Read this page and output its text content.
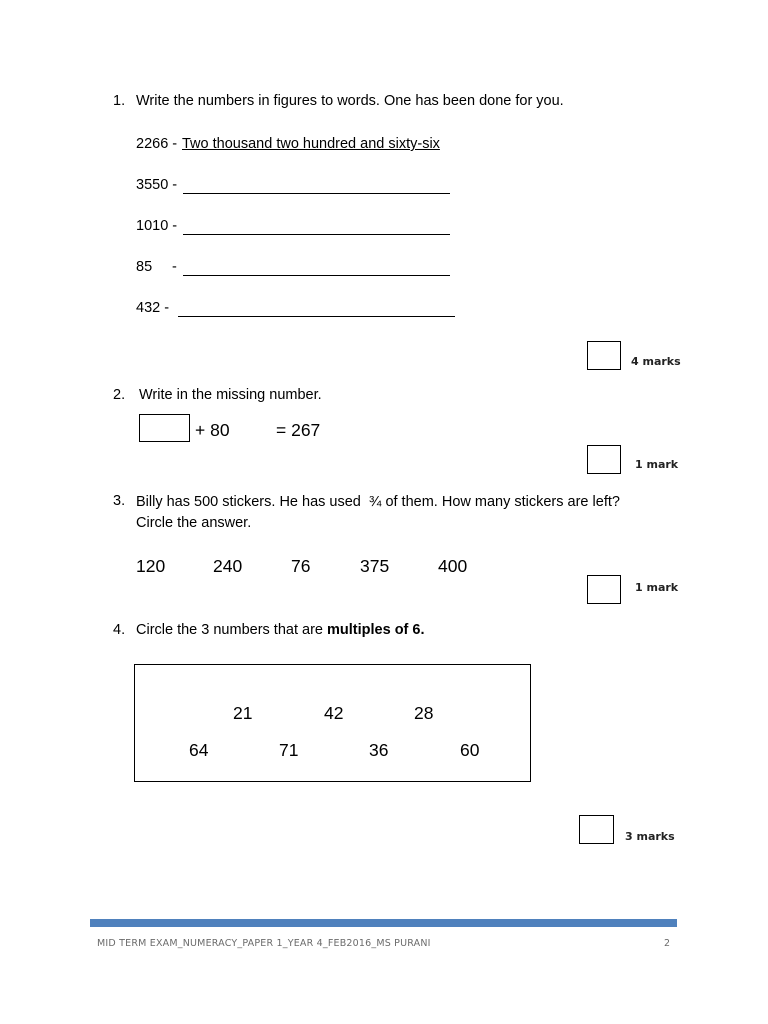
1. Write the numbers in figures to words. One has been done for you.
2266 - Two thousand two hundred and sixty-six
3550 -
1010 -
85 -
432 -
4 marks
2. Write in the missing number.
+ 80	= 267
1 mark
3. Billy has 500 stickers. He has used ¾ of them. How many stickers are left?
Circle the answer.
120	240	76	375	400
1 mark
4. Circle the 3 numbers that are multiples of 6.
21	42	28
64	71	36	60
3 marks
MID TERM EXAM_NUMERACY_PAPER 1_YEAR 4_FEB2016_MS PURANI	2
